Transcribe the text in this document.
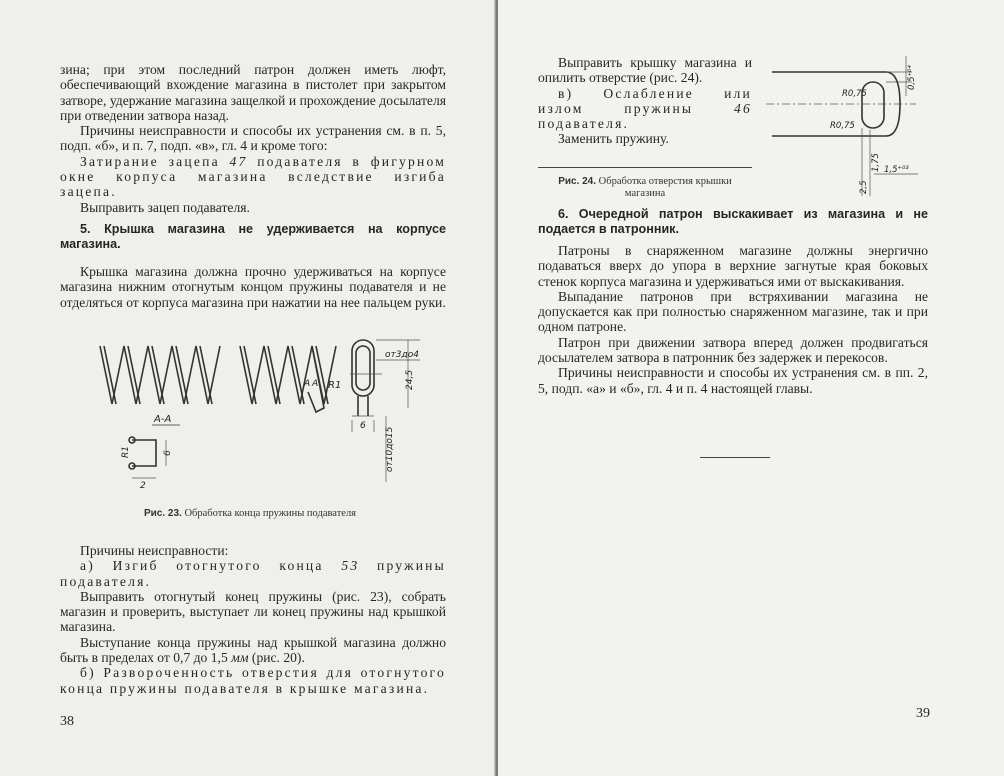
зина; при этом последний патрон должен иметь люфт, обеспечивающий вхождение магазина в пистолет при закрытом затворе, удержание магазина защелкой и прохождение досылателя при отведении затвора назад.

Причины неисправности и способы их устранения см. в п. 5, подп. «б», и п. 7, подп. «в», гл. 4 и кроме того:

Затирание зацепа 47 подавателя в фигурном окне корпуса магазина вследствие изгиба зацепа.

Выправить зацеп подавателя.

5. Крышка магазина не удерживается на корпусе магазина.
Крышка магазина должна прочно удерживаться на корпусе магазина нижним отогнутым концом пружины подавателя и не отделяться от корпуса магазина при нажатии на нее пальцем руки.
от3до4
24,5
R1
А А
6
от10до15
А-А
R1	6
2
Рис. 23. Обработка конца пружины подавателя

Причины неисправности:

а) Изгиб отогнутого конца 53 пружины подавателя.

Выправить отогнутый конец пружины (рис. 23), собрать магазин и проверить, выступает ли конец пружины над крышкой магазина.

Выступание конца пружины над крышкой магазина должно быть в пределах от 0,7 до 1,5 мм (рис. 20).

б) Развороченность отверстия для отогнутого конца пружины подавателя в крышке магазина.

38

Выправить крышку магазина и опилить отверстие (рис. 24).

в) Ослабление или излом пружины 46 подавателя.

Заменить пружину.

R0,75
R0,75
0,5⁺⁰⁴
1,5⁺⁰³
1,75
2,5
Рис. 24. Обработка отверстия крышки магазина
6. Очередной патрон выскакивает из магазина и не подается в патронник.

Патроны в снаряженном магазине должны энергично подаваться вверх до упора в верхние загнутые края боковых стенок корпуса магазина и удерживаться ими от выскакивания.

Выпадание патронов при встряхивании магазина не допускается как при полностью снаряженном магазине, так и при одном патроне.

Патрон при движении затвора вперед должен продвигаться досылателем затвора в патронник без задержек и перекосов.

Причины неисправности и способы их устранения см. в пп. 2, 5, подп. «а» и «б», гл. 4 и п. 4 настоящей главы.

39
